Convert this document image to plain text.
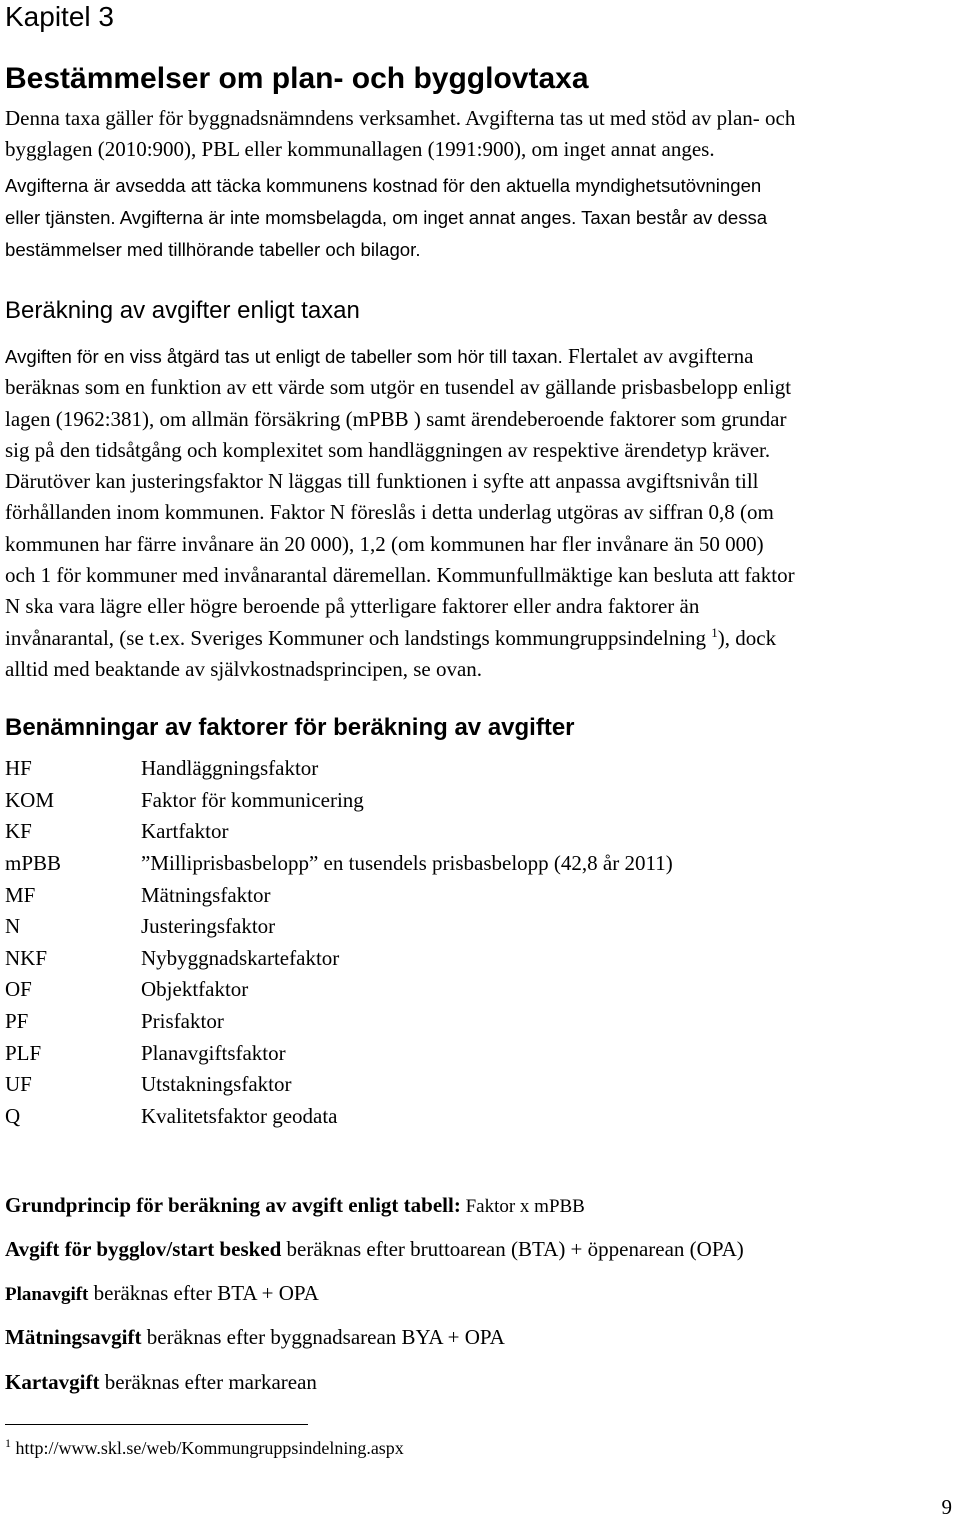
Kapitel 3
Bestämmelser om plan- och bygglovtaxa
Denna taxa gäller för byggnadsnämndens verksamhet. Avgifterna tas ut med stöd av plan- och
bygglagen (2010:900), PBL eller kommunallagen (1991:900), om inget annat anges.
Avgifterna är avsedda att täcka kommunens kostnad för den aktuella myndighetsutövningen
eller tjänsten. Avgifterna är inte momsbelagda, om inget annat anges. Taxan består av dessa
bestämmelser med tillhörande tabeller och bilagor.
Beräkning av avgifter enligt taxan
Avgiften för en viss åtgärd tas ut enligt de tabeller som hör till taxan. Flertalet av avgifterna
beräknas som en funktion av ett värde som utgör en tusendel av gällande prisbasbelopp enligt
lagen (1962:381), om allmän försäkring (mPBB ) samt ärendeberoende faktorer som grundar
sig på den tidsåtgång och komplexitet som handläggningen av respektive ärendetyp kräver.
Därutöver kan justeringsfaktor N läggas till funktionen i syfte att anpassa avgiftsnivån till
förhållanden inom kommunen. Faktor N föreslås i detta underlag utgöras av siffran 0,8 (om
kommunen har färre invånare än 20 000), 1,2 (om kommunen har fler invånare än 50 000)
och 1 för kommuner med invånarantal däremellan. Kommunfullmäktige kan besluta att faktor
N ska vara lägre eller högre beroende på ytterligare faktorer eller andra faktorer än
invånarantal, (se t.ex. Sveriges Kommuner och landstings kommungruppsindelning $^1$), dock
alltid med beaktande av självkostnadsprincipen, se ovan.
Benämningar av faktorer för beräkning av avgifter
HF	Handläggningsfaktor
KOM	Faktor för kommunicering
KF	Kartfaktor
mPBB	”Milliprisbasbelopp” en tusendels prisbasbelopp (42,8 år 2011)
MF	Mätningsfaktor
N	Justeringsfaktor
NKF	Nybyggnadskartefaktor
OF	Objektfaktor
PF	Prisfaktor
PLF	Planavgiftsfaktor
UF	Utstakningsfaktor
Q	Kvalitetsfaktor geodata
Grundprincip för beräkning av avgift enligt tabell: Faktor x mPBB
Avgift för bygglov/start besked beräknas efter bruttoarean (BTA) + öppenarean (OPA)
Planavgift beräknas efter BTA + OPA
Mätningsavgift beräknas efter byggnadsarean BYA + OPA
Kartavgift beräknas efter markarean
$^1$ http://www.skl.se/web/Kommungruppsindelning.aspx
9
